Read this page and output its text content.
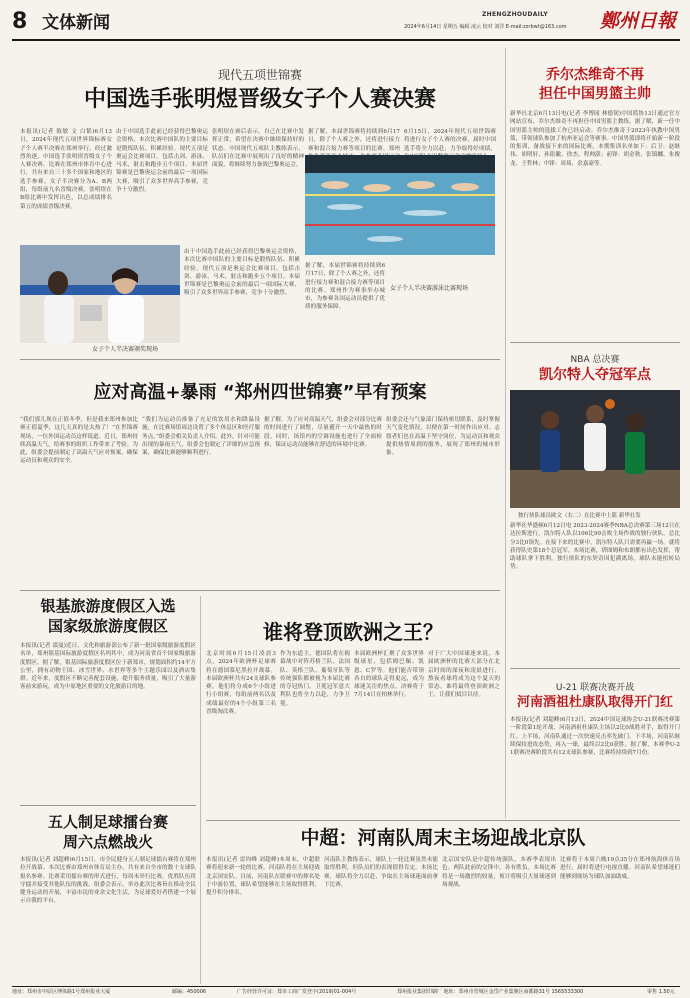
8 文体新闻	ZHENGZHOUDAILY
2024年6月14日 星期五 编辑 凌云 校对 刘洋 E-mail:zzrbwt@163.com 鄭州日報
现代五项世锦赛
中国选手张明煜晋级女子个人赛决赛
本报讯(记者 陈敏 文 白韬)6月13日，2024年现代五项世界锦标赛女子个人赛半决赛在郑州举行。经过激烈角逐，中国选手张明煜晋级女子个人赛决赛。比赛在郑州市体育中心进行，共有来自三十多个国家和地区的选手参赛。女子半决赛分为A、B两组，每组前九名晋级决赛。张明煜在B组比赛中发挥出色，以总成绩排名第五的成绩晋级决赛。
由于中国选手此前已经获得巴黎奥运会资格，本次比赛中国队的主要目标是锻炼队伍、积累经验。现代五项是奥运会比赛项目，包括击剑、游泳、马术、射击和跑步五个项目。本届世锦赛是巴黎奥运会前的最后一项国际大赛，吸引了众多世界高手参赛，竞争十分激烈。
张明煜在赛后表示，自己在比赛中发挥正常，希望在决赛中继续保持好的状态。中国现代五项队主教练表示，队员们在比赛中展现出了良好的精神面貌，将继续努力备战巴黎奥运会。
据了解，本届世锦赛将持续到6月17日，除了个人赛之外，还将进行接力赛和混合接力赛等项目的比赛。郑州
6月15日，2024年现代五项世锦赛将进行女子个人赛的决赛，届时中国选手将全力以赴，力争取得好成绩，
女子个人半决赛颁奖现场
女子个人半决赛游泳比赛现场
由于中国选手此前已经获得巴黎奥运会资格，本次比赛中国队的主要目标是锻炼队伍、积累经验。现代五项是奥运会比赛项目，包括击剑、游泳、马术、射击和跑步五个项目。本届世锦赛是巴黎奥运会前的最后一项国际大赛，吸引了众多世界高手参赛，竞争十分激烈。
据了解，本届世锦赛将持续到6月17日，除了个人赛之外，还将进行接力赛和混合接力赛等项目的比赛。郑州作为赛事举办城市，为参赛各国运动员提供了优质的服务保障。
应对高温+暴雨 “郑州四世锦赛”早有预案
“我们那儿现在正值冬季，但是我来郑州参加比赛正值夏季，这几天真的是太热了！”在世锦赛现场，一位外国运动员这样说道。近日，郑州持续高温天气，给赛事的组织工作带来了考验。为此，组委会提前制定了高温天气应对预案，确保运动员和观众的安全。
“我们为运动员准备了充足的饮用水和降温设施，在比赛场馆周边设置了多个休息区和医疗服务点。”组委会相关负责人介绍。此外，针对可能出现的暴雨天气，组委会也制定了详细的应急预案，确保比赛能够顺利进行。
据了解，为了应对高温天气，组委会对部分比赛的时间进行了调整，尽量避开一天中最热的时段。同时，场馆内的空调设施也进行了全面检修，保证运动员能够在舒适的环境中比赛。
组委会还与气象部门保持密切联系，及时掌握天气变化情况，以便在第一时间作出应对。志愿者们也在高温下坚守岗位，为运动员和观众提供热情周到的服务，展现了郑州的城市形象。
银基旅游度假区入选
国家级旅游度假区
本报讯(记者 邵曼)近日，文化和旅游部公布了新一批国家级旅游度假区名单，郑州银基国际旅游度假区名列其中，成为河南省首个国家级旅游度假区。据了解，银基国际旅游度假区位于新郑市，规划面积约14平方公里，拥有动物王国、冰雪世界、水世界等多个主题乐园以及酒店集群。近年来，度假区不断完善配套设施，提升服务质量，吸引了大量游客前来游玩，成为中原地区重要的文化旅游目的地。
五人制足球擂台赛
周六点燃战火
本报讯(记者 刘超峰)6月15日，市全民健身五人制足球擂台赛将在郑州拉开战幕。本次比赛由郑州市体育局主办，共有来自全市的数十支球队报名参赛。比赛采用擂台赛的形式进行，每周末举行比赛，优胜队伍将守擂并接受其他队伍的挑战。组委会表示，举办此次比赛旨在推动全民健身运动的开展，丰富市民的业余文化生活，为足球爱好者搭建一个展示自我的平台。
谁将登顶欧洲之王？
北京时间6月15日凌晨3点，2024年欧洲杯足球赛将在德国慕尼黑拉开战幕。本届欧洲杯共有24支球队参赛，他们将分成6个小组进行小组赛，每组前两名以及成绩最好的4个小组第三名晋级淘汰赛。
作为东道主，德国队将在揭幕战中对阵苏格兰队。法国队、英格兰队、葡萄牙队等传统强队都被视为本届比赛的夺冠热门。卫冕冠军意大利队也将全力以赴，力争卫冕。
本届欧洲杯汇聚了众多世界级球星，包括姆巴佩、凯恩、C罗等。他们能否带领各自的球队走得更远，成为球迷关注的焦点。决赛将于7月14日在柏林举行。
对于广大中国球迷来说，本届欧洲杯的比赛大部分在北京时间的深夜和凌晨进行，熬夜看球将成为这个夏天的常态。谁将最终登顶欧洲之王，让我们拭目以待。
中超：河南队周末主场迎战北京队
本报讯(记者 雷钧峰 刘超峰)本周末，中超联赛将迎来新一轮的比赛。河南队将在主场迎战北京国安队。目前，河南队在联赛中的排名处于中游位置，球队希望能够在主场取得胜利，提升积分排名。
河南队主教练表示，球队上一轮比赛虽然未能取得胜利，但队员们的表现值得肯定。本场比赛，球队将全力以赴，争取在主场球迷面前拿下比赛。
北京国安队是中超传统强队，本赛季表现出色。两队此前的交锋中，各有胜负。本场比赛将是一场激烈的较量，预计将吸引大量球迷到场观战。
比赛将于本周六晚19点35分在郑州航海体育场进行，届时将进行电视直播。河南队希望球迷们能够到现场为球队加油助威。
乔尔杰维奇不再
担任中国男篮主帅
新华社北京6月13日电(记者 李博闻 林德韧)中国篮协13日通过官方网站宣布，乔尔杰维奇不再担任中国男篮主教练。据了解，新一任中国男篮主帅的选拔工作已经启动。乔尔杰维奇于2023年执教中国男篮，带领球队参加了杭州亚运会等赛事。中国男篮即将开始新一阶段的集训，备战接下来的国际比赛。本期集训名单如下：后卫：赵继伟、胡明轩、孙铭徽、徐杰、程帅澎；前锋：胡金秋、张镇麟、朱俊龙、王哲林；中锋：周琦、余嘉豪等。
NBA 总决赛
凯尔特人夺冠军点
独行侠队球员欧文（右二）在比赛中上篮 新华社发
新华社华盛顿6月12日电 2023-2024赛季NBA总决赛第三场12日在达拉斯进行，凯尔特人队以106比99击败主场作战的独行侠队，总比分3比0领先。在接下来的比赛中，凯尔特人队只需要再赢一场，就将获得队史第18个总冠军。本场比赛，塔图姆和布朗都有出色发挥，帮助球队拿下胜利。独行侠队的东契奇因犯满离场，球队未能扭转局势。
U-21 联赛决赛开战
河南酒祖杜康队取得开门红
本报讯(记者 刘超峰)6月13日，2024中国足球协会U-21联赛决赛第一阶段第1轮开战，河南酒祖杜康队主场以2比0战胜对手，取得开门红。上半场，河南队通过一次快速反击率先破门。下半场，河南队继续保持进攻态势，再入一球，最终以2比0获胜。据了解，本赛季U-21联赛决赛阶段共有12支球队参赛，比赛将持续到7月份。
地址：郑州市中原区博体路1号郑州报业大厦	邮编：450006	广告经营许可证：郑市工商广发登字(2019)01-004号	郑州报业集团印刷厂 地址：郑州市管城区金岱产业集聚区商都路31号 1565533300	零售 1.50元
